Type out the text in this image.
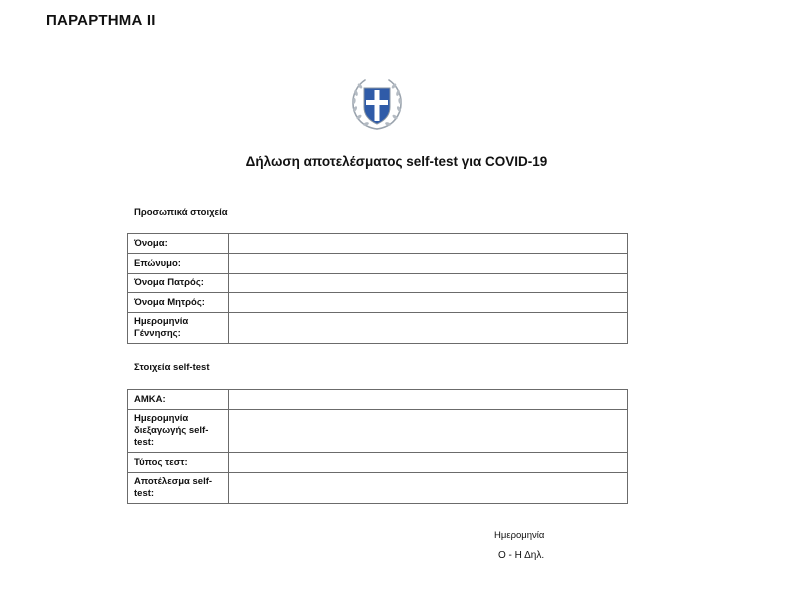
ΠΑΡΑΡΤΗΜΑ ΙΙ
Δήλωση αποτελέσματος self-test για COVID-19
Προσωπικά στοιχεία
Όνομα:	
Επώνυμο:	
Όνομα Πατρός:	
Όνομα Μητρός:	
Ημερομηνία Γέννησης:	
Στοιχεία self-test
ΑΜΚΑ:	
Ημερομηνία διεξαγωγής self-test:	
Τύπος τεστ:	
Αποτέλεσμα self-test:	
Ημερομηνία
Ο - Η Δηλ.
